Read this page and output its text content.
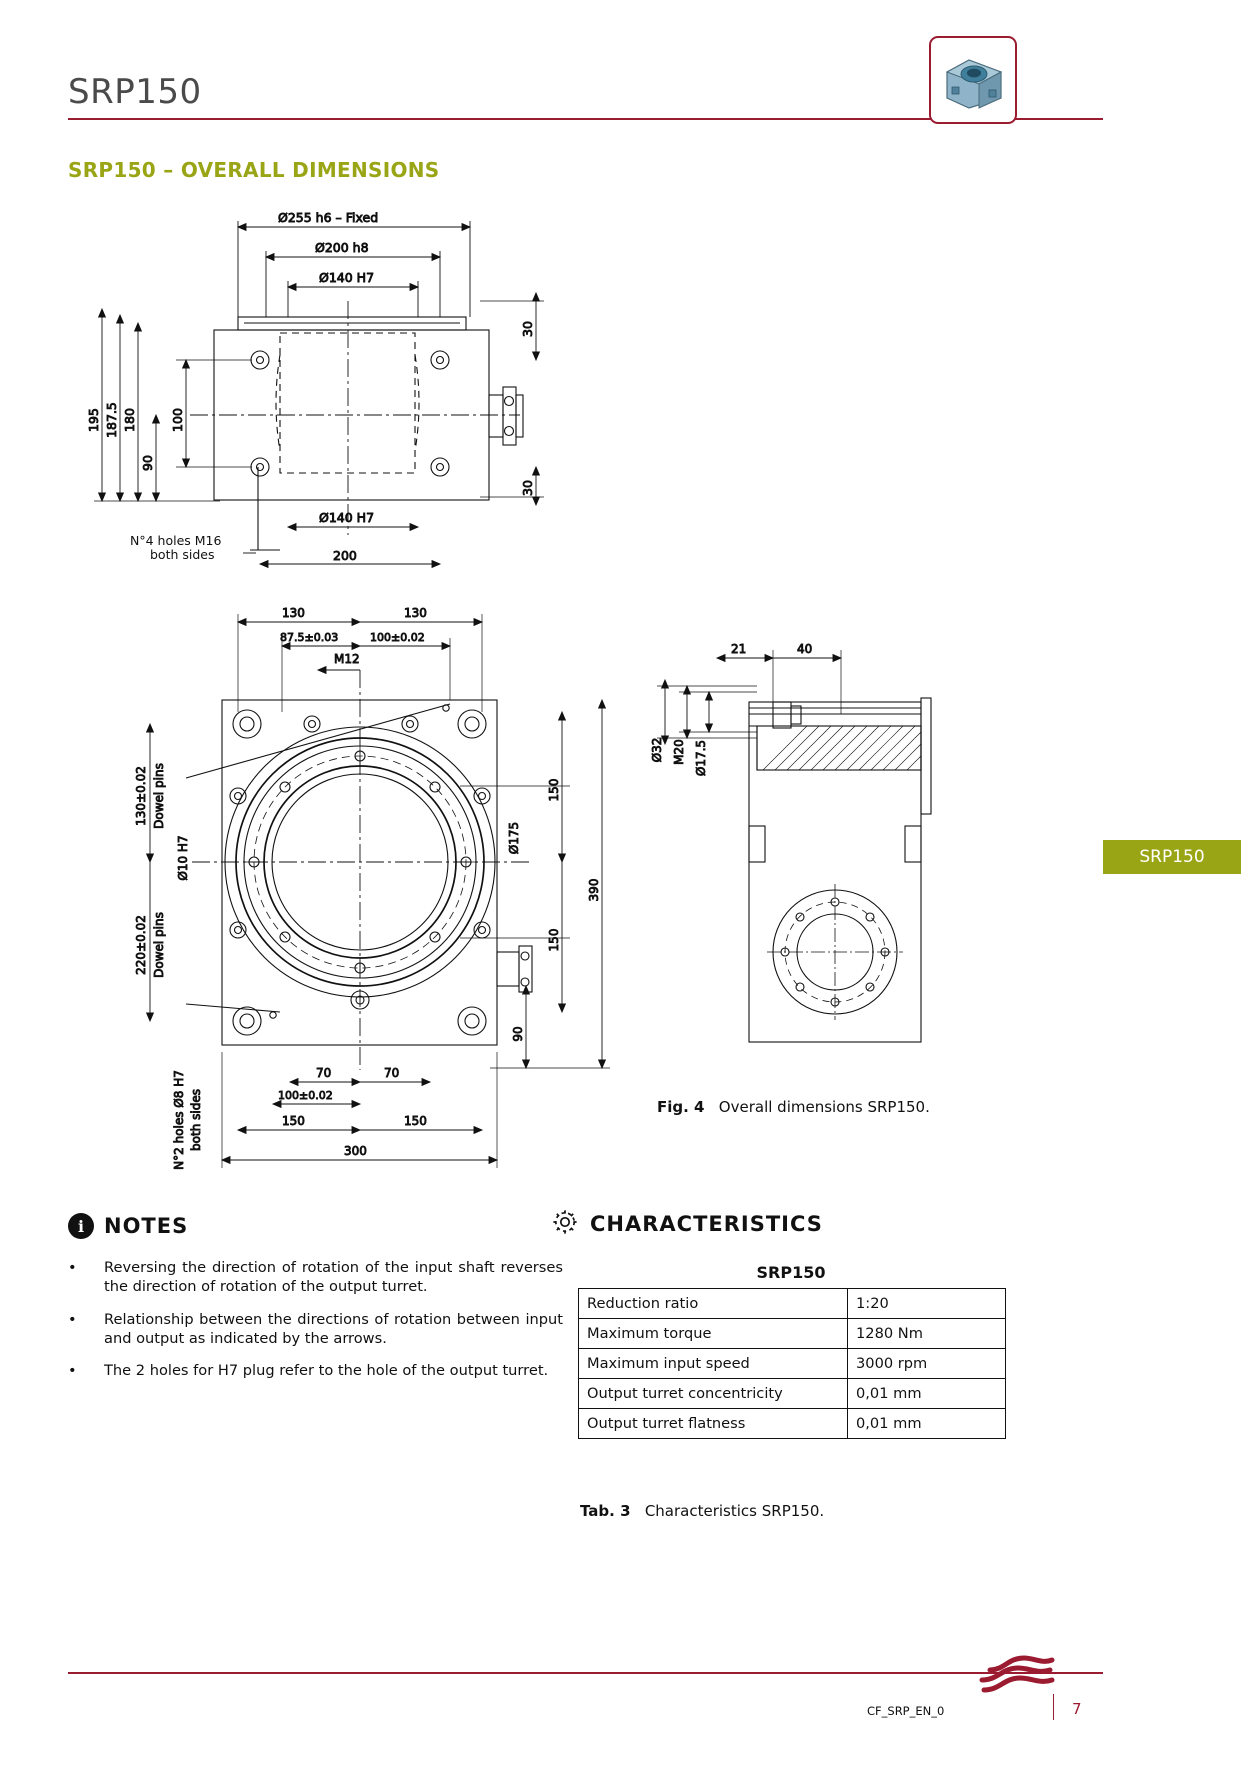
SRP150
SRP150 – OVERALL DIMENSIONS
SRP150
Ø255 h6 – Fixed
Ø200 h8
Ø140 H7
195 187.5 180	100
90
30
30
Ø140 H7
200
N°4 holes M16
both sides
130	130
87.5±0.03	100±0.02
M12
130±0.02 Dowel pins
220±0.02 Dowel pins
Ø10 H7
N°2 holes Ø8 H7 both sides
150
150
390
90
Ø175
70	70
100±0.02
150	150
300
21	40
Ø32 M20 Ø17.5
Fig. 4 Overall dimensions SRP150.
i NOTES
• Reversing the direction of rotation of the input shaft reverses the direction of rotation of the output turret.
• Relationship between the directions of rotation between input and output as indicated by the arrows.
• The 2 holes for H7 plug refer to the hole of the output turret.
CHARACTERISTICS
SRP150
Reduction ratio	1:20
Maximum torque	1280 Nm
Maximum input speed	3000 rpm
Output turret concentricity	0,01 mm
Output turret flatness	0,01 mm
Tab. 3 Characteristics SRP150.
CF_SRP_EN_0	7
